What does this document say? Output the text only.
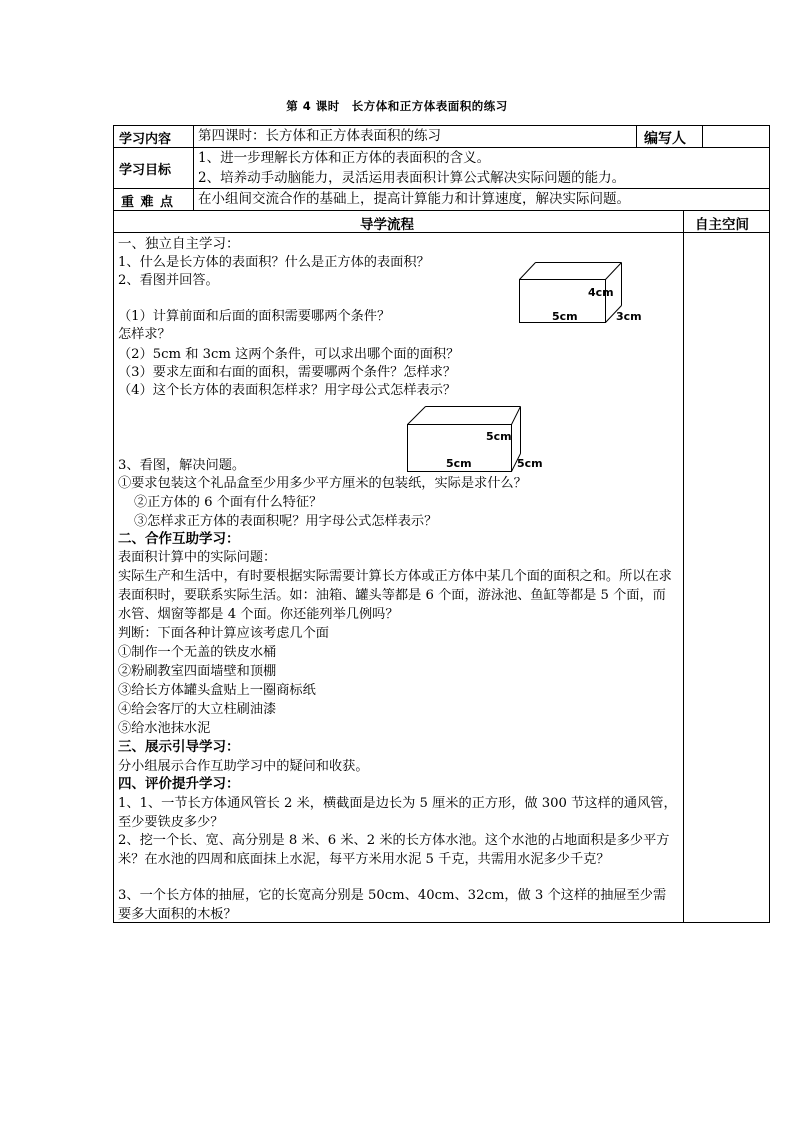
第 4 课时　长方体和正方体表面积的练习
学习内容 第四课时：长方体和正方体表面积的练习	编写人
学习目标
1、进一步理解长方体和正方体的表面积的含义。
2、培养动手动脑能力，灵活运用表面积计算公式解决实际问题的能力。
重 难 点 在小组间交流合作的基础上，提高计算能力和计算速度，解决实际问题。
导学流程	自主空间
一、独立自主学习：
1、什么是长方体的表面积？什么是正方体的表面积？
2、看图并回答。
（1）计算前面和后面的面积需要哪两个条件？
怎样求？
（2）5cm 和 3cm 这两个条件，可以求出哪个面的面积？
（3）要求左面和右面的面积，需要哪两个条件？怎样求？
（4）这个长方体的表面积怎样求？用字母公式怎样表示？
4cm
5cm	3cm
5cm
5cm	5cm
3、看图，解决问题。
①要求包装这个礼品盒至少用多少平方厘米的包装纸，实际是求什么？
②正方体的 6 个面有什么特征？
③怎样求正方体的表面积呢？用字母公式怎样表示？
二、合作互助学习：
表面积计算中的实际问题：
实际生产和生活中，有时要根据实际需要计算长方体或正方体中某几个面的面积之和。所以在求表面积时，要联系实际生活。如：油箱、罐头等都是 6 个面，游泳池、鱼缸等都是 5 个面，而水管、烟窗等都是 4 个面。你还能列举几例吗？
判断：下面各种计算应该考虑几个面
①制作一个无盖的铁皮水桶
②粉刷教室四面墙壁和顶棚
③给长方体罐头盒贴上一圈商标纸
④给会客厅的大立柱刷油漆
⑤给水池抹水泥
三、展示引导学习：
分小组展示合作互助学习中的疑问和收获。
四、评价提升学习：
1、1、一节长方体通风管长 2 米，横截面是边长为 5 厘米的正方形，做 300 节这样的通风管，至少要铁皮多少？
2、挖一个长、宽、高分别是 8 米、6 米、2 米的长方体水池。这个水池的占地面积是多少平方米？在水池的四周和底面抹上水泥，每平方米用水泥 5 千克，共需用水泥多少千克？
3、一个长方体的抽屉，它的长宽高分别是 50cm、40cm、32cm，做 3 个这样的抽屉至少需要多大面积的木板？
